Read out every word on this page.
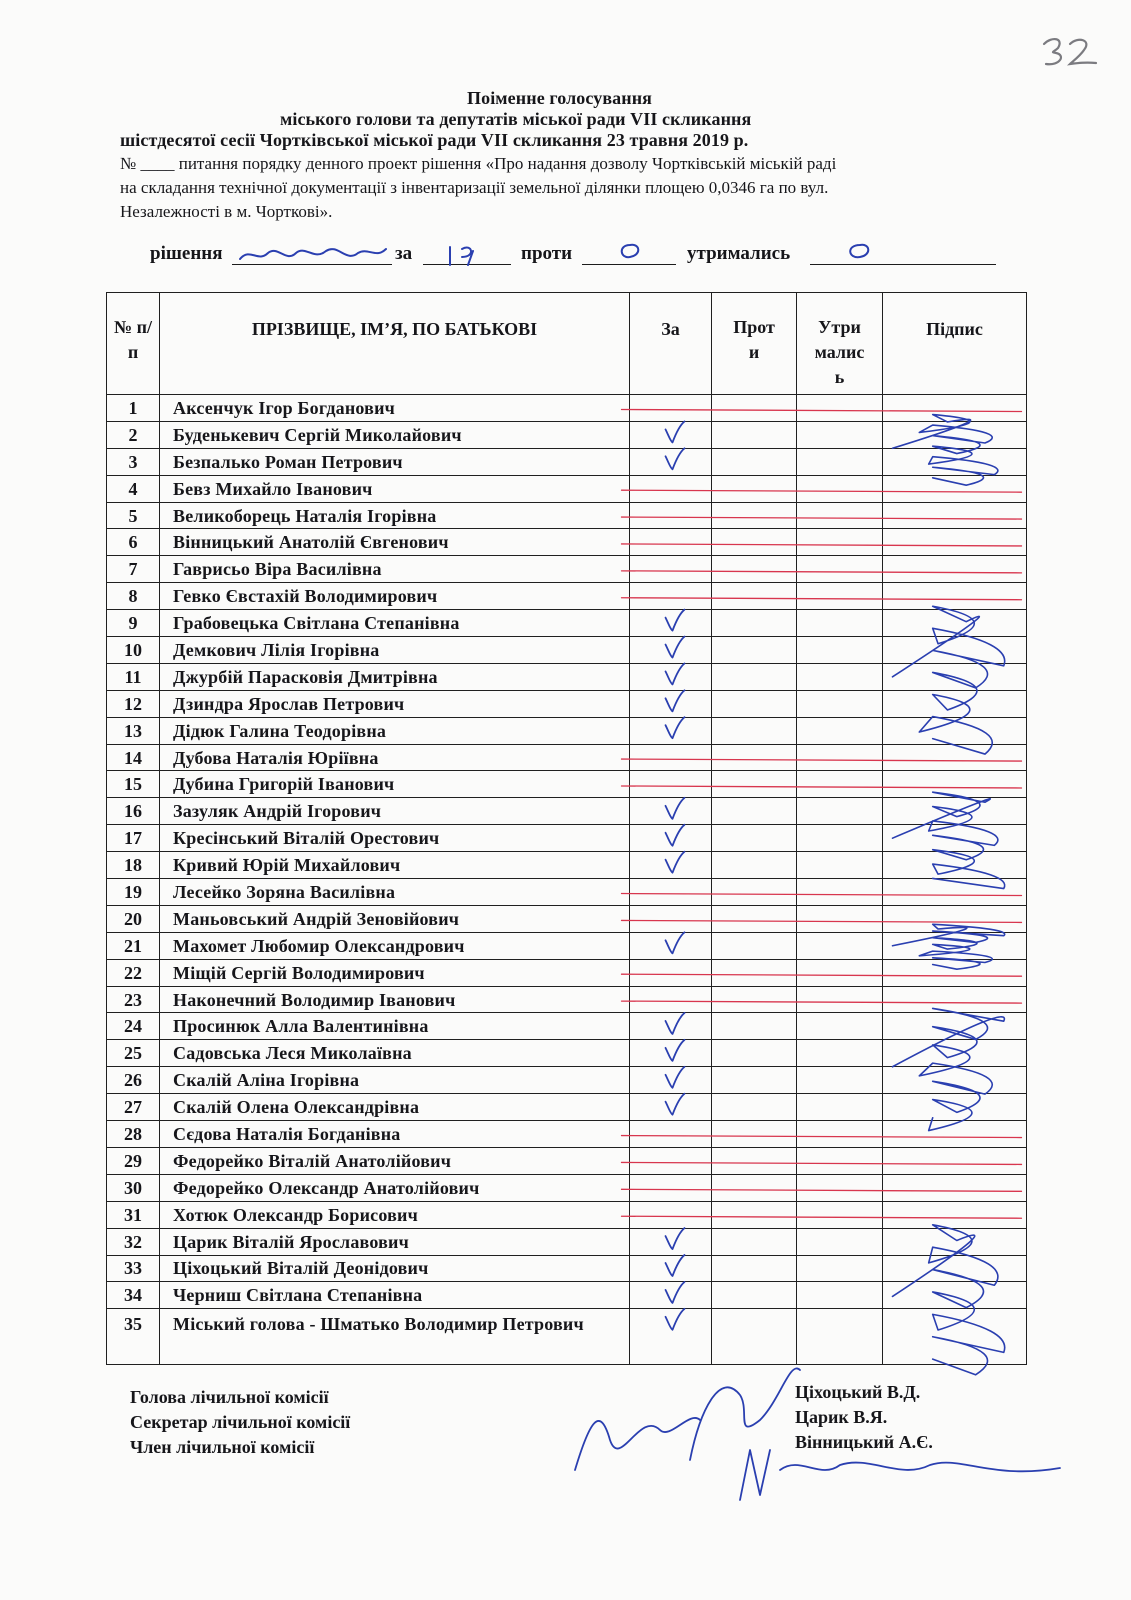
Поіменне голосування
міського голови та депутатів міської ради VII скликання
шістдесятої сесії Чортківської міської ради VII скликання 23 травня 2019 р.
№ ____ питання порядку денного проект рішення «Про надання дозволу Чортківській міській раді
на складання технічної документації з інвентаризації земельної ділянки площею 0,0346 га по вул.
Незалежності в м. Чорткові».
рішення	за	проти	утримались
№ п/п	ПРІЗВИЩЕ, ІМ’Я, ПО БАТЬКОВІ	За	Прот и	Утри малис ь	Підпис
1	Аксенчук Ігор Богданович				
2	Буденькевич Сергій Миколайович				
3	Безпалько Роман Петрович				
4	Бевз Михайло Іванович				
5	Великоборець Наталія Ігорівна				
6	Вінницький Анатолій Євгенович				
7	Гаврисьо Віра Василівна				
8	Гевко Євстахій Володимирович				
9	Грабовецька Світлана Степанівна				
10	Демкович Лілія Ігорівна				
11	Джурбій Парасковія Дмитрівна				
12	Дзиндра Ярослав Петрович				
13	Дідюк Галина Теодорівна				
14	Дубова Наталія Юріївна				
15	Дубина Григорій Іванович				
16	Зазуляк Андрій Ігорович				
17	Кресінський Віталій Орестович				
18	Кривий Юрій Михайлович				
19	Лесейко Зоряна Василівна				
20	Маньовський Андрій Зеновійович				
21	Махомет Любомир Олександрович				
22	Міщій Сергій Володимирович				
23	Наконечний Володимир Іванович				
24	Просинюк Алла Валентинівна				
25	Садовська Леся Миколаївна				
26	Скалій Аліна Ігорівна				
27	Скалій Олена Олександрівна				
28	Сєдова Наталія Богданівна				
29	Федорейко Віталій Анатолійович				
30	Федорейко Олександр Анатолійович				
31	Хотюк Олександр Борисович				
32	Царик Віталій Ярославович				
33	Ціхоцький Віталій Деонідович				
34	Черниш Світлана Степанівна				
35	Міський голова - Шматько Володимир Петрович				
Голова лічильної комісії
Секретар лічильної комісії
Член лічильної комісії
Ціхоцький В.Д.
Царик В.Я.
Вінницький А.Є.
